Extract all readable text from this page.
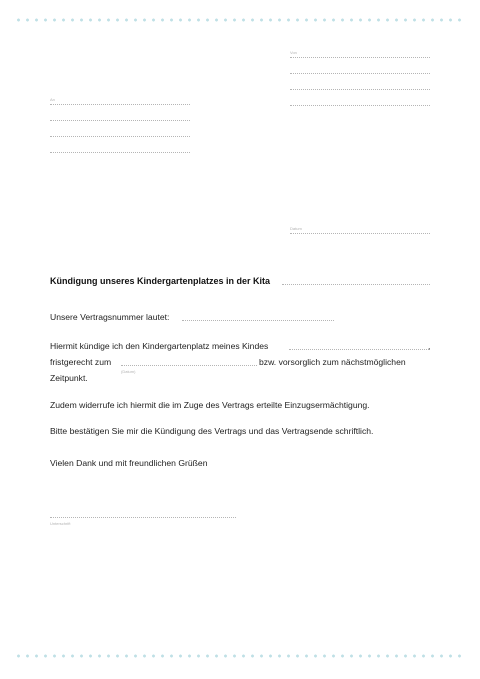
Von
An
Datum
Kündigung unseres Kindergartenplatzes in der Kita
Unsere Vertragsnummer lautet:
Hiermit kündige ich den Kindergartenplatz meines Kindes	,
fristgerecht zum
(Datum)
bzw. vorsorglich zum nächstmöglichen
Zeitpunkt.
Zudem widerrufe ich hiermit die im Zuge des Vertrags erteilte Einzugsermächtigung.
Bitte bestätigen Sie mir die Kündigung des Vertrags und das Vertragsende schriftlich.
Vielen Dank und mit freundlichen Grüßen
Unterschrift
